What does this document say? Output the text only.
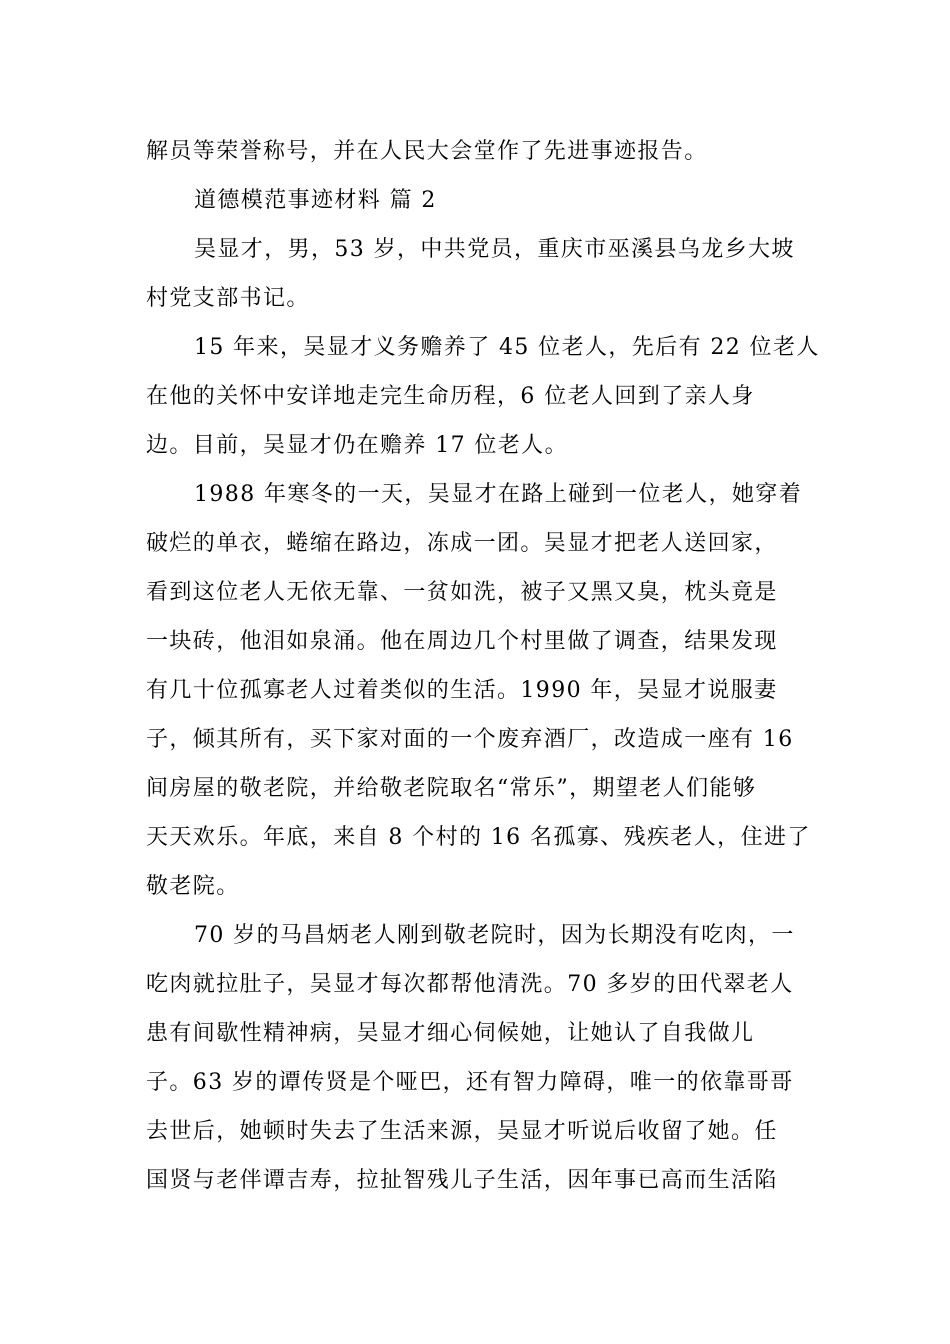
解员等荣誉称号，并在人民大会堂作了先进事迹报告。
道德模范事迹材料 篇 2
吴显才，男，53 岁，中共党员，重庆市巫溪县乌龙乡大坡
村党支部书记。
15 年来，吴显才义务赡养了 45 位老人，先后有 22 位老人
在他的关怀中安详地走完生命历程，6 位老人回到了亲人身
边。目前，吴显才仍在赡养 17 位老人。
1988 年寒冬的一天，吴显才在路上碰到一位老人，她穿着
破烂的单衣，蜷缩在路边，冻成一团。吴显才把老人送回家，
看到这位老人无依无靠、一贫如洗，被子又黑又臭，枕头竟是
一块砖，他泪如泉涌。他在周边几个村里做了调查，结果发现
有几十位孤寡老人过着类似的生活。1990 年，吴显才说服妻
子，倾其所有，买下家对面的一个废弃酒厂，改造成一座有 16
间房屋的敬老院，并给敬老院取名“常乐”，期望老人们能够
天天欢乐。年底，来自 8 个村的 16 名孤寡、残疾老人，住进了
敬老院。
70 岁的马昌炳老人刚到敬老院时，因为长期没有吃肉，一
吃肉就拉肚子，吴显才每次都帮他清洗。70 多岁的田代翠老人
患有间歇性精神病，吴显才细心伺候她，让她认了自我做儿
子。63 岁的谭传贤是个哑巴，还有智力障碍，唯一的依靠哥哥
去世后，她顿时失去了生活来源，吴显才听说后收留了她。任
国贤与老伴谭吉寿，拉扯智残儿子生活，因年事已高而生活陷
